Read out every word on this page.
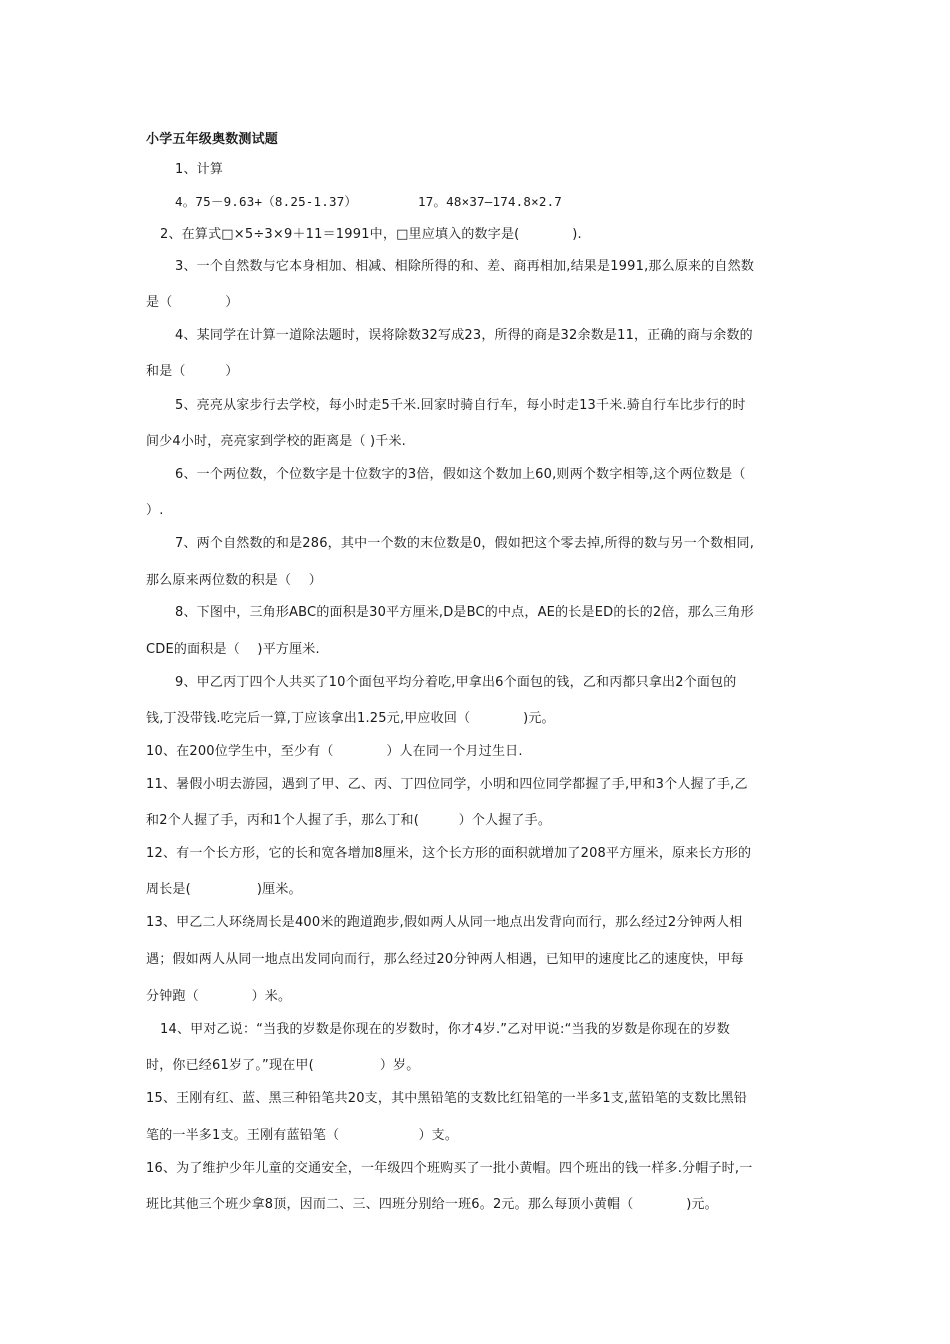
小学五年级奥数测试题
1、计算
4。75－9.63+（8.25-1.37）	17。48×37—174.8×2.7
2、在算式□×5÷3×9＋11＝1991中，□里应填入的数字是(　　　　).
3、一个自然数与它本身相加、相减、相除所得的和、差、商再相加,结果是1991,那么原来的自然数
是（　　　　）
4、某同学在计算一道除法题时，误将除数32写成23，所得的商是32余数是11，正确的商与余数的
和是（　　　）
5、亮亮从家步行去学校，每小时走5千米.回家时骑自行车，每小时走13千米.骑自行车比步行的时
间少4小时，亮亮家到学校的距离是（ )千米.
6、一个两位数，个位数字是十位数字的3倍，假如这个数加上60,则两个数字相等,这个两位数是（
）.
7、两个自然数的和是286，其中一个数的末位数是0，假如把这个零去掉,所得的数与另一个数相同,
那么原来两位数的积是（　 ）
8、下图中，三角形ABC的面积是30平方厘米,D是BC的中点，AE的长是ED的长的2倍，那么三角形
CDE的面积是（　 )平方厘米.
9、甲乙丙丁四个人共买了10个面包平均分着吃,甲拿出6个面包的钱，乙和丙都只拿出2个面包的
钱,丁没带钱.吃完后一算,丁应该拿出1.25元,甲应收回（　　　　)元。
10、在200位学生中，至少有（　　　　）人在同一个月过生日.
11、暑假小明去游园，遇到了甲、乙、丙、丁四位同学，小明和四位同学都握了手,甲和3个人握了手,乙
和2个人握了手，丙和1个人握了手，那么丁和(　　　）个人握了手。
12、有一个长方形，它的长和宽各增加8厘米，这个长方形的面积就增加了208平方厘米，原来长方形的
周长是(　　　　　)厘米。
13、甲乙二人环绕周长是400米的跑道跑步,假如两人从同一地点出发背向而行，那么经过2分钟两人相
遇；假如两人从同一地点出发同向而行，那么经过20分钟两人相遇，已知甲的速度比乙的速度快，甲每
分钟跑（　　　　）米。
14、甲对乙说：“当我的岁数是你现在的岁数时，你才4岁.”乙对甲说:“当我的岁数是你现在的岁数
时，你已经61岁了。”现在甲(　　　　　）岁。
15、王刚有红、蓝、黑三种铅笔共20支，其中黑铅笔的支数比红铅笔的一半多1支,蓝铅笔的支数比黑铅
笔的一半多1支。王刚有蓝铅笔（　　　　　　）支。
16、为了维护少年儿童的交通安全，一年级四个班购买了一批小黄帽。四个班出的钱一样多.分帽子时,一
班比其他三个班少拿8顶，因而二、三、四班分别给一班6。2元。那么每顶小黄帽（　　　　)元。
